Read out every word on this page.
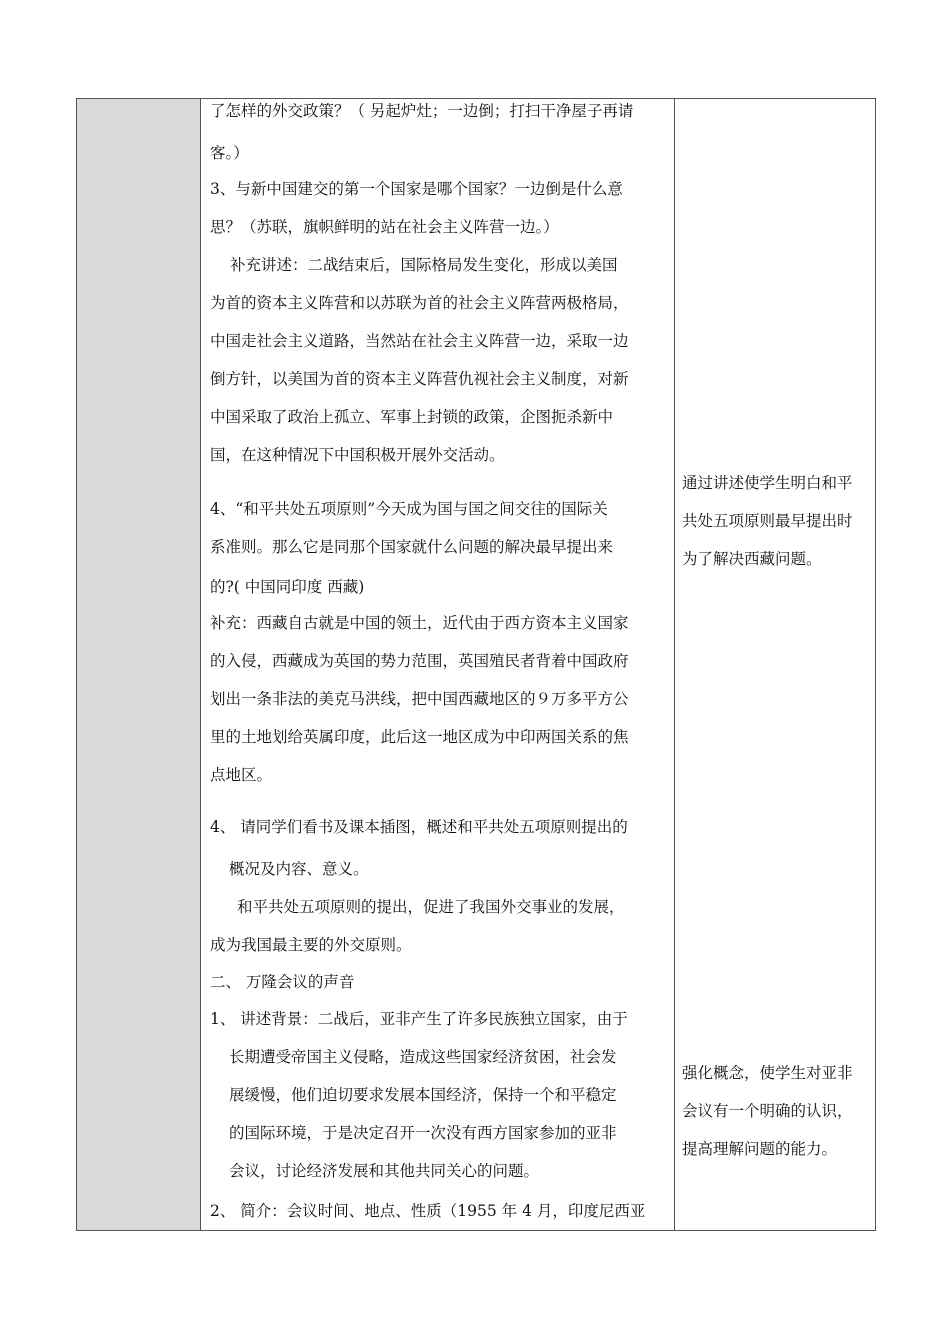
了怎样的外交政策？（ 另起炉灶；一边倒；打扫干净屋子再请
客。）
3、与新中国建交的第一个国家是哪个国家？一边倒是什么意
思？（苏联，旗帜鲜明的站在社会主义阵营一边。）
补充讲述：二战结束后，国际格局发生变化，形成以美国
为首的资本主义阵营和以苏联为首的社会主义阵营两极格局，
中国走社会主义道路，当然站在社会主义阵营一边，采取一边
倒方针，以美国为首的资本主义阵营仇视社会主义制度，对新
中国采取了政治上孤立、军事上封锁的政策，企图扼杀新中
国，在这种情况下中国积极开展外交活动。
4、“和平共处五项原则”今天成为国与国之间交往的国际关
系准则。那么它是同那个国家就什么问题的解决最早提出来
的?( 中国同印度 西藏)
补充：西藏自古就是中国的领土，近代由于西方资本主义国家
的入侵，西藏成为英国的势力范围，英国殖民者背着中国政府
划出一条非法的美克马洪线，把中国西藏地区的９万多平方公
里的土地划给英属印度，此后这一地区成为中印两国关系的焦
点地区。
4、 请同学们看书及课本插图，概述和平共处五项原则提出的
概况及内容、意义。
和平共处五项原则的提出，促进了我国外交事业的发展，
成为我国最主要的外交原则。
二、 万隆会议的声音
1、 讲述背景：二战后，亚非产生了许多民族独立国家，由于
长期遭受帝国主义侵略，造成这些国家经济贫困，社会发
展缓慢，他们迫切要求发展本国经济，保持一个和平稳定
的国际环境，于是决定召开一次没有西方国家参加的亚非
会议，讨论经济发展和其他共同关心的问题。
2、 简介：会议时间、地点、性质（1955 年 4 月，印度尼西亚
通过讲述使学生明白和平
共处五项原则最早提出时
为了解决西藏问题。
强化概念，使学生对亚非
会议有一个明确的认识，
提高理解问题的能力。
